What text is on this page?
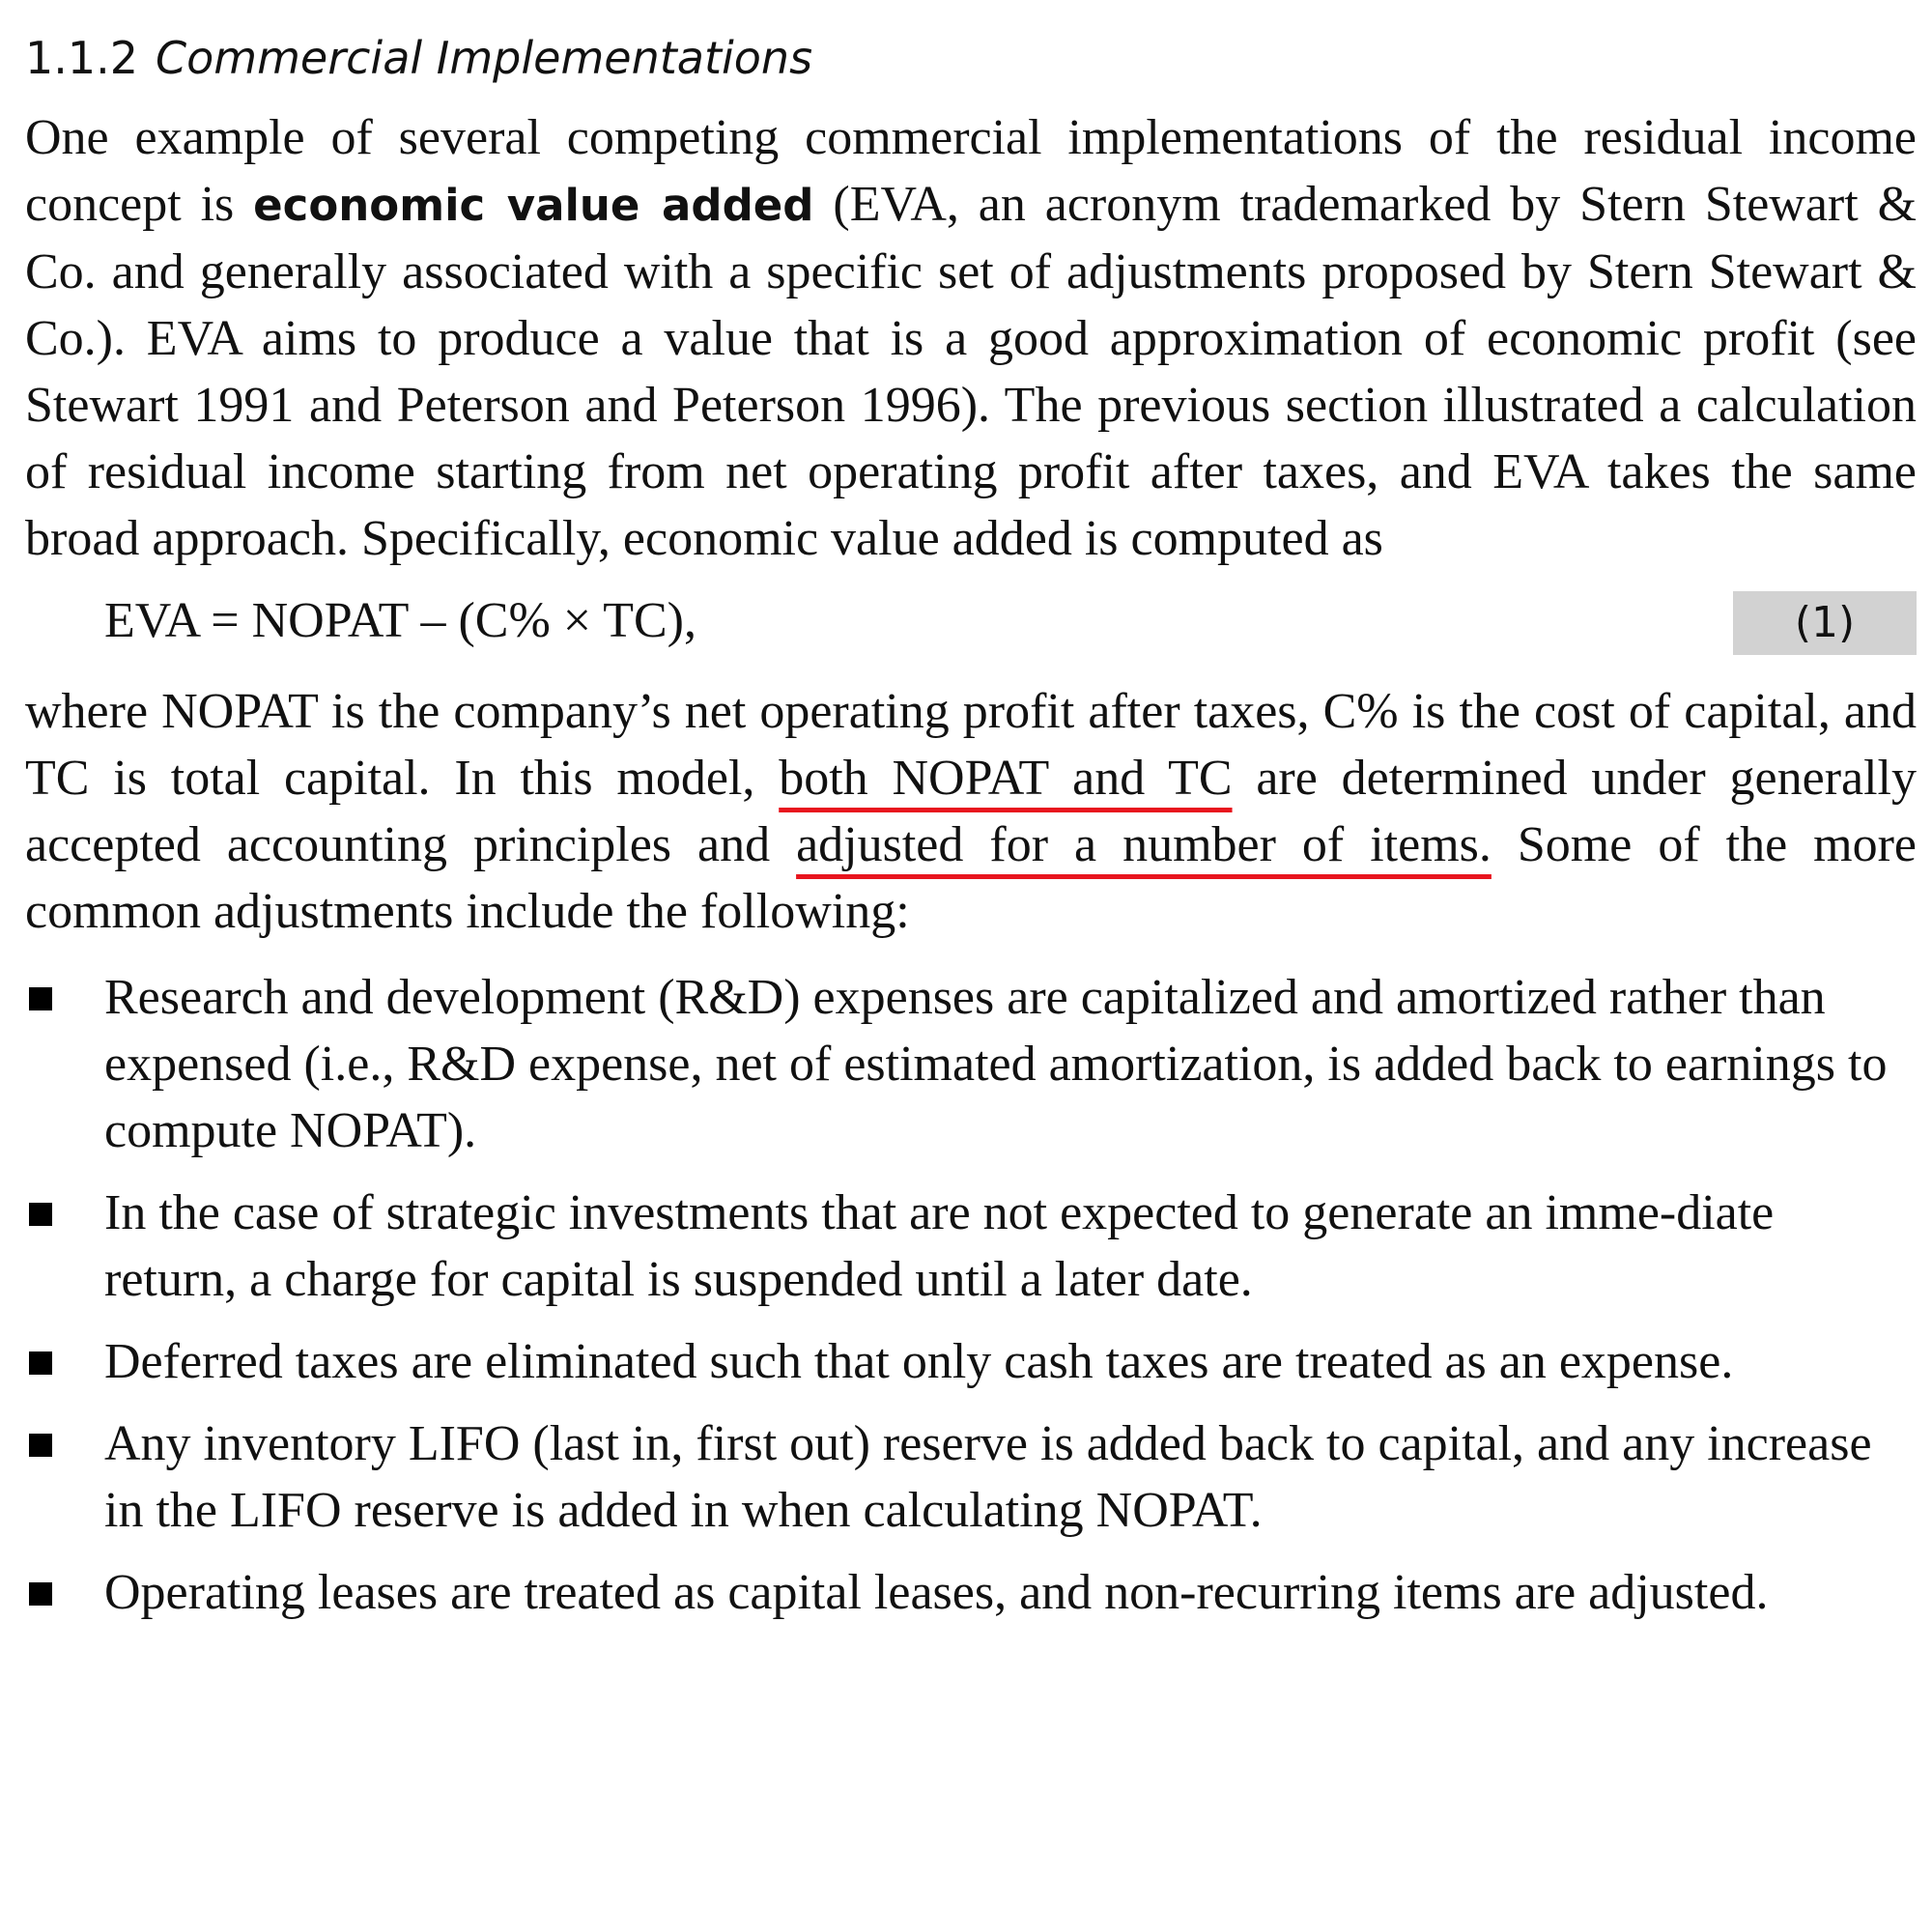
1.1.2 Commercial Implementations

One example of several competing commercial implementations of the residual income concept is economic value added (EVA, an acronym trademarked by Stern Stewart & Co. and generally associated with a specific set of adjustments proposed by Stern Stewart & Co.). EVA aims to produce a value that is a good approximation of economic profit (see Stewart 1991 and Peterson and Peterson 1996). The previous section illustrated a calculation of residual income starting from net operating profit after taxes, and EVA takes the same broad approach. Specifically, economic value added is computed as

EVA = NOPAT – (C% × TC),	(1)

where NOPAT is the company’s net operating profit after taxes, C% is the cost of capital, and TC is total capital. In this model, both NOPAT and TC are determined under generally accepted accounting principles and adjusted for a number of items. Some of the more common adjustments include the following:

Research and development (R&D) expenses are capitalized and amortized rather than expensed (i.e., R&D expense, net of estimated amortization, is added back to earnings to compute NOPAT).
In the case of strategic investments that are not expected to generate an imme-diate return, a charge for capital is suspended until a later date.
Deferred taxes are eliminated such that only cash taxes are treated as an expense.
Any inventory LIFO (last in, first out) reserve is added back to capital, and any increase in the LIFO reserve is added in when calculating NOPAT.
Operating leases are treated as capital leases, and non-recurring items are adjusted.
